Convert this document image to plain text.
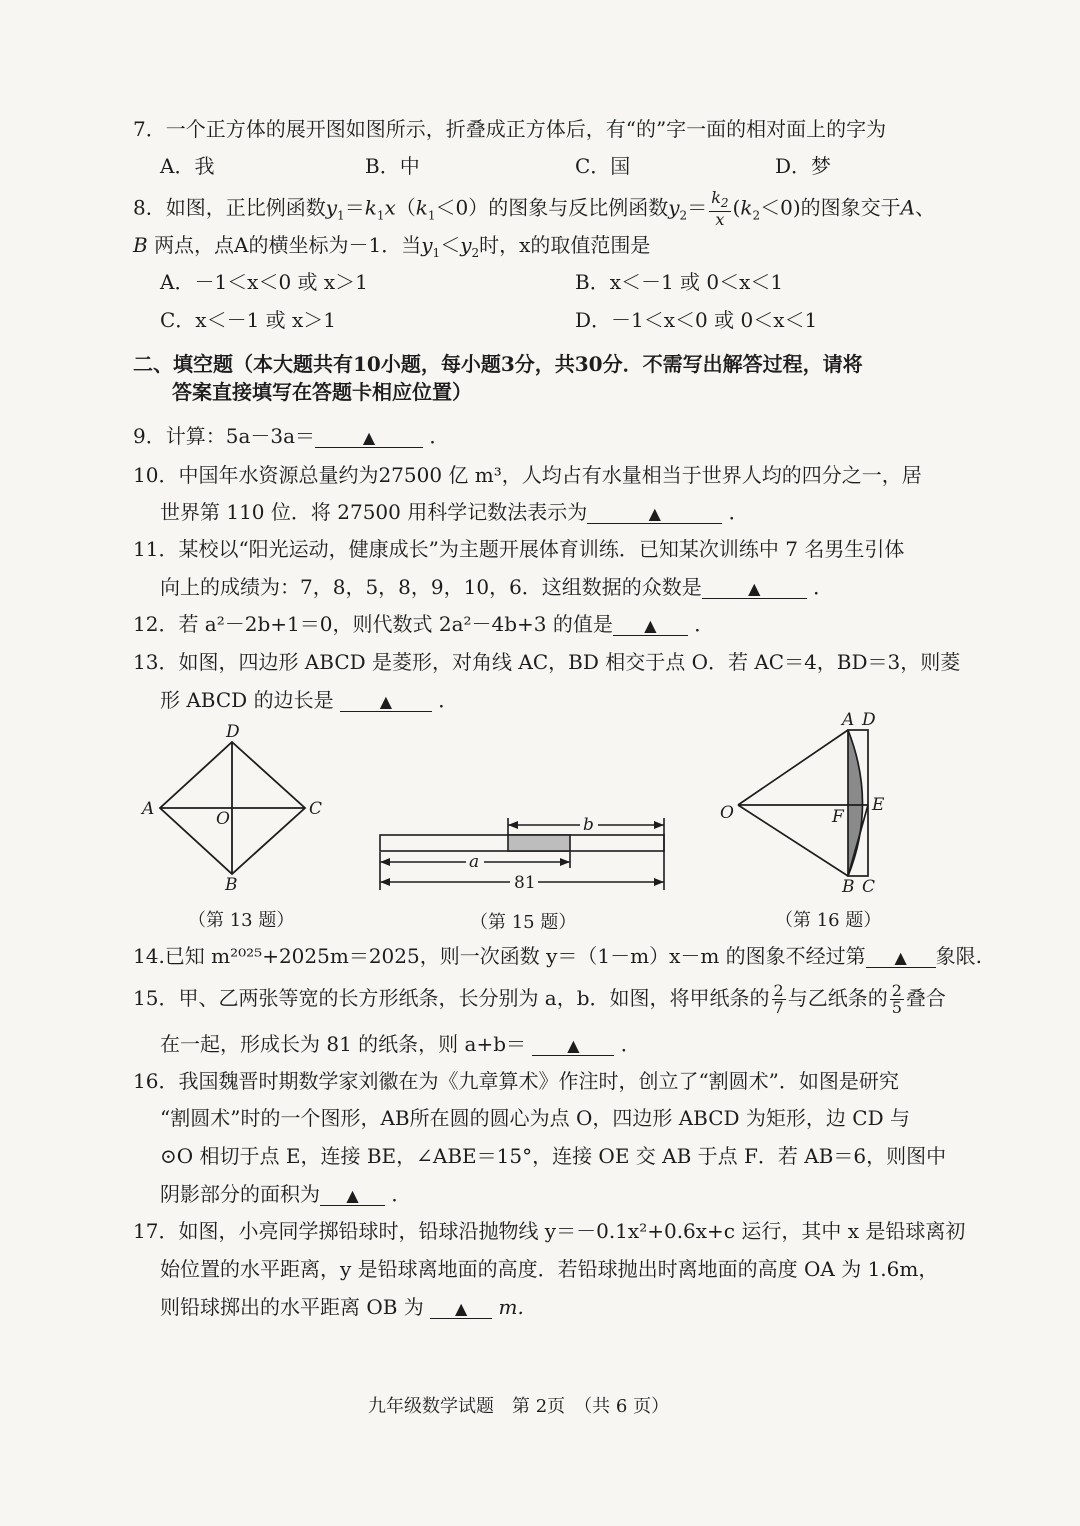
7．一个正方体的展开图如图所示，折叠成正方体后，有“的”字一面的相对面上的字为
A．我	B．中	C．国	D．梦
8．如图，正比例函数$y_1=k_1x(k_1<0)$的图象与反比例函数$y_2= \frac{k_2}{x} (k_2<0)$的图象交于A、
B 两点，点A的横坐标为－1．当$y_1<y_2$时，x的取值范围是
A．－1＜x＜0 或 x＞1	B．x＜－1 或 0＜x＜1
C．x＜－1 或 x＞1	D．－1＜x＜0 或 0＜x＜1
二、填空题（本大题共有10小题，每小题3分，共30分．不需写出解答过程，请将
答案直接填写在答题卡相应位置）
9．计算：5a－3a＝	▲ ．
10．中国年水资源总量约为27500 亿 m³，人均占有水量相当于世界人均的四分之一，居
世界第 110 位．将 27500 用科学记数法表示为	▲	．
11．某校以“阳光运动，健康成长”为主题开展体育训练．已知某次训练中 7 名男生引体
向上的成绩为：7，8，5，8，9，10，6．这组数据的众数是	▲ ．
12．若 a²－2b+1＝0，则代数式 2a²－4b+3 的值是 ▲ ．
13．如图，四边形 ABCD 是菱形，对角线 AC，BD 相交于点 O．若 AC＝4，BD＝3，则菱
形 ABCD 的边长是	▲ ．
D
A	C
O
B
b
a
81
A D
O	F
E
B C
（第 13 题）	（第 15 题）	（第 16 题）
14.已知 m²⁰²⁵+2025m＝2025，则一次函数 y＝（1－m）x－m 的图象不经过第 ▲ 象限.
15．甲、乙两张等宽的长方形纸条，长分别为 a，b．如图，将甲纸条的 $\frac{2}{7}$ 与乙纸条的 $\frac{2}{5}$ 叠合
在一起，形成长为 81 的纸条，则 a+b＝	▲ ．
16．我国魏晋时期数学家刘徽在为《九章算术》作注时，创立了“割圆术”．如图是研究
“割圆术”时的一个图形，AB所在圆的圆心为点 O，四边形 ABCD 为矩形，边 CD 与
⊙O 相切于点 E，连接 BE，∠ABE＝15°，连接 OE 交 AB 于点 F．若 AB＝6，则图中
阴影部分的面积为 ▲ ．
17．如图，小亮同学掷铅球时，铅球沿抛物线 y＝－0.1x²+0.6x+c 运行，其中 x 是铅球离初
始位置的水平距离，y 是铅球离地面的高度．若铅球抛出时离地面的高度 OA 为 1.6m，
则铅球掷出的水平距离 OB 为 ▲ m.
九年级数学试题　第 2页　（共 6 页）
